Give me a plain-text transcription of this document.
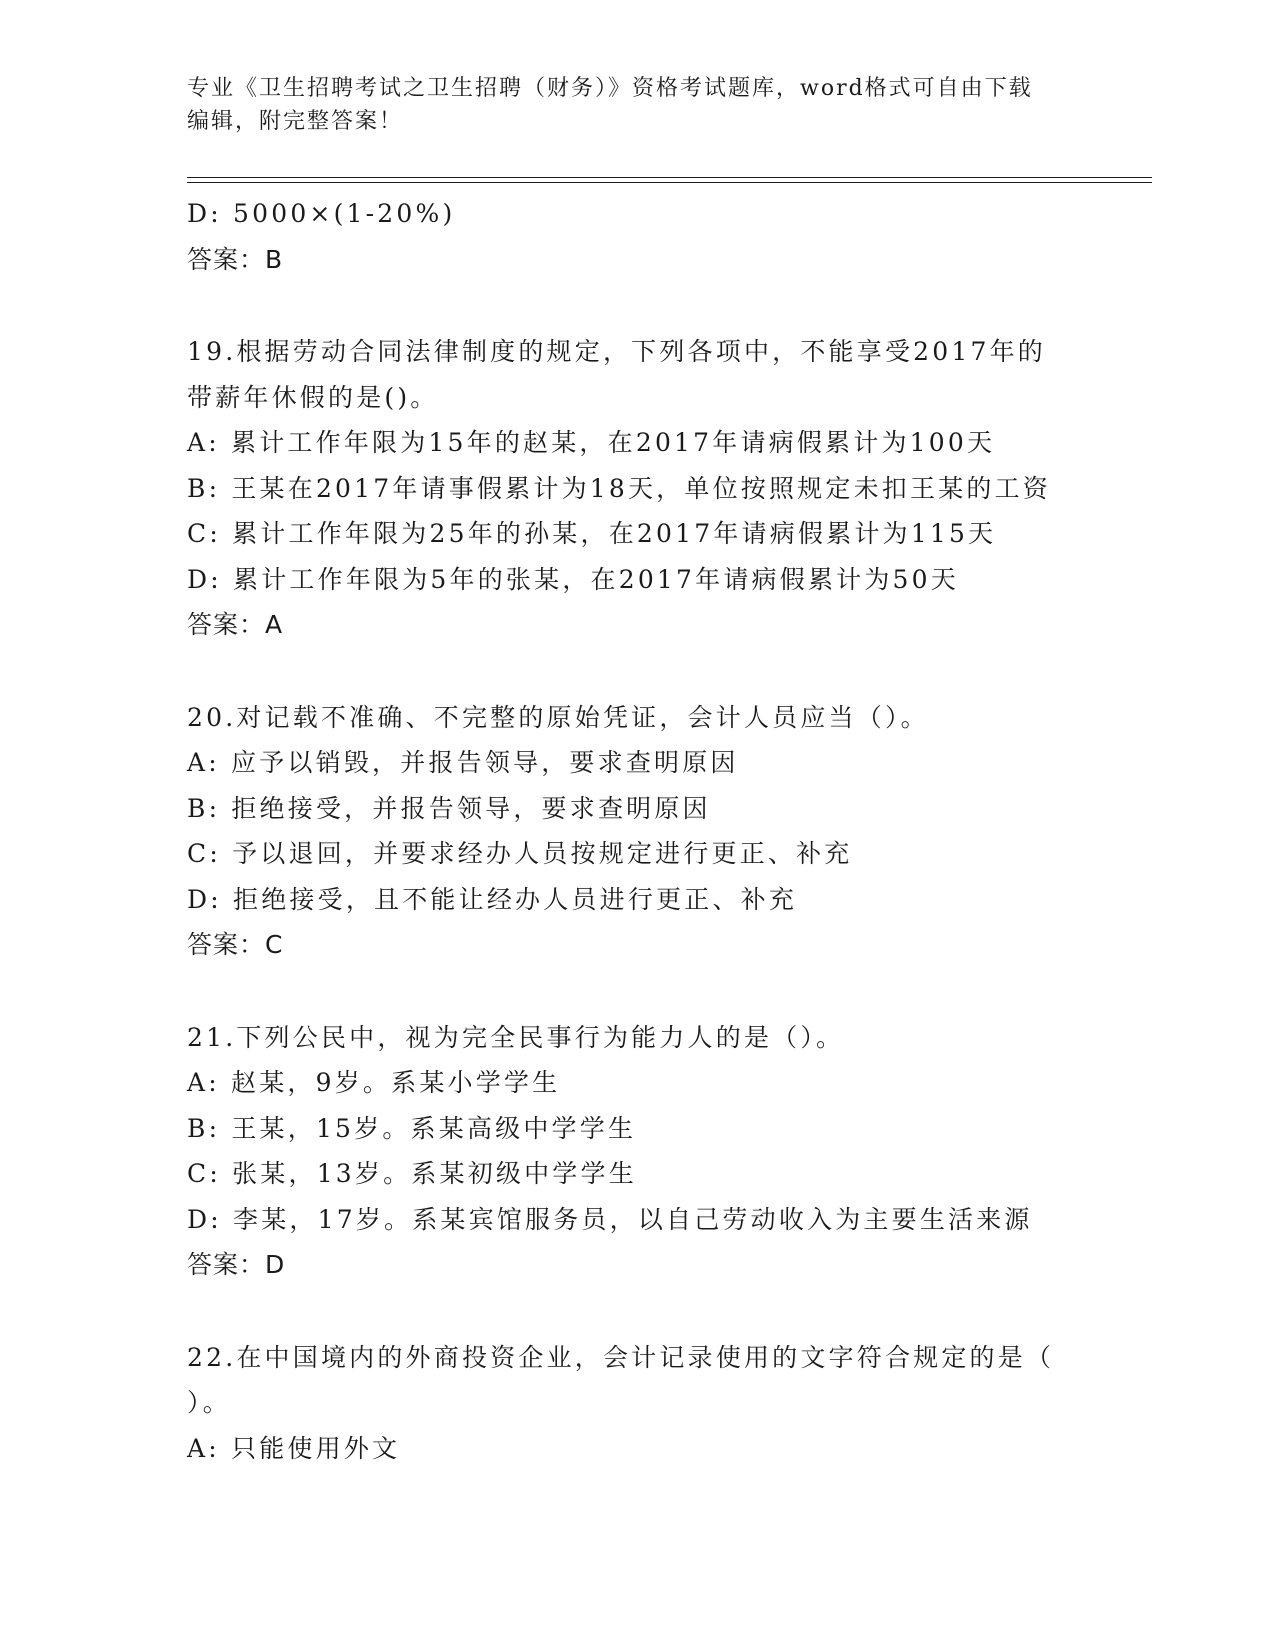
专业《卫生招聘考试之卫生招聘（财务）》资格考试题库，word格式可自由下载
编辑，附完整答案！
D: 5000×(1-20%)
答案：B
19.根据劳动合同法律制度的规定，下列各项中，不能享受2017年的
带薪年休假的是()。
A: 累计工作年限为15年的赵某，在2017年请病假累计为100天
B: 王某在2017年请事假累计为18天，单位按照规定未扣王某的工资
C: 累计工作年限为25年的孙某，在2017年请病假累计为115天
D: 累计工作年限为5年的张某，在2017年请病假累计为50天
答案：A
20.对记载不准确、不完整的原始凭证，会计人员应当（）。
A: 应予以销毁，并报告领导，要求查明原因
B: 拒绝接受，并报告领导，要求查明原因
C: 予以退回，并要求经办人员按规定进行更正、补充
D: 拒绝接受，且不能让经办人员进行更正、补充
答案：C
21.下列公民中，视为完全民事行为能力人的是（）。
A: 赵某，9岁。系某小学学生
B: 王某，15岁。系某高级中学学生
C: 张某，13岁。系某初级中学学生
D: 李某，17岁。系某宾馆服务员，以自己劳动收入为主要生活来源
答案：D
22.在中国境内的外商投资企业，会计记录使用的文字符合规定的是（
）。
A: 只能使用外文
